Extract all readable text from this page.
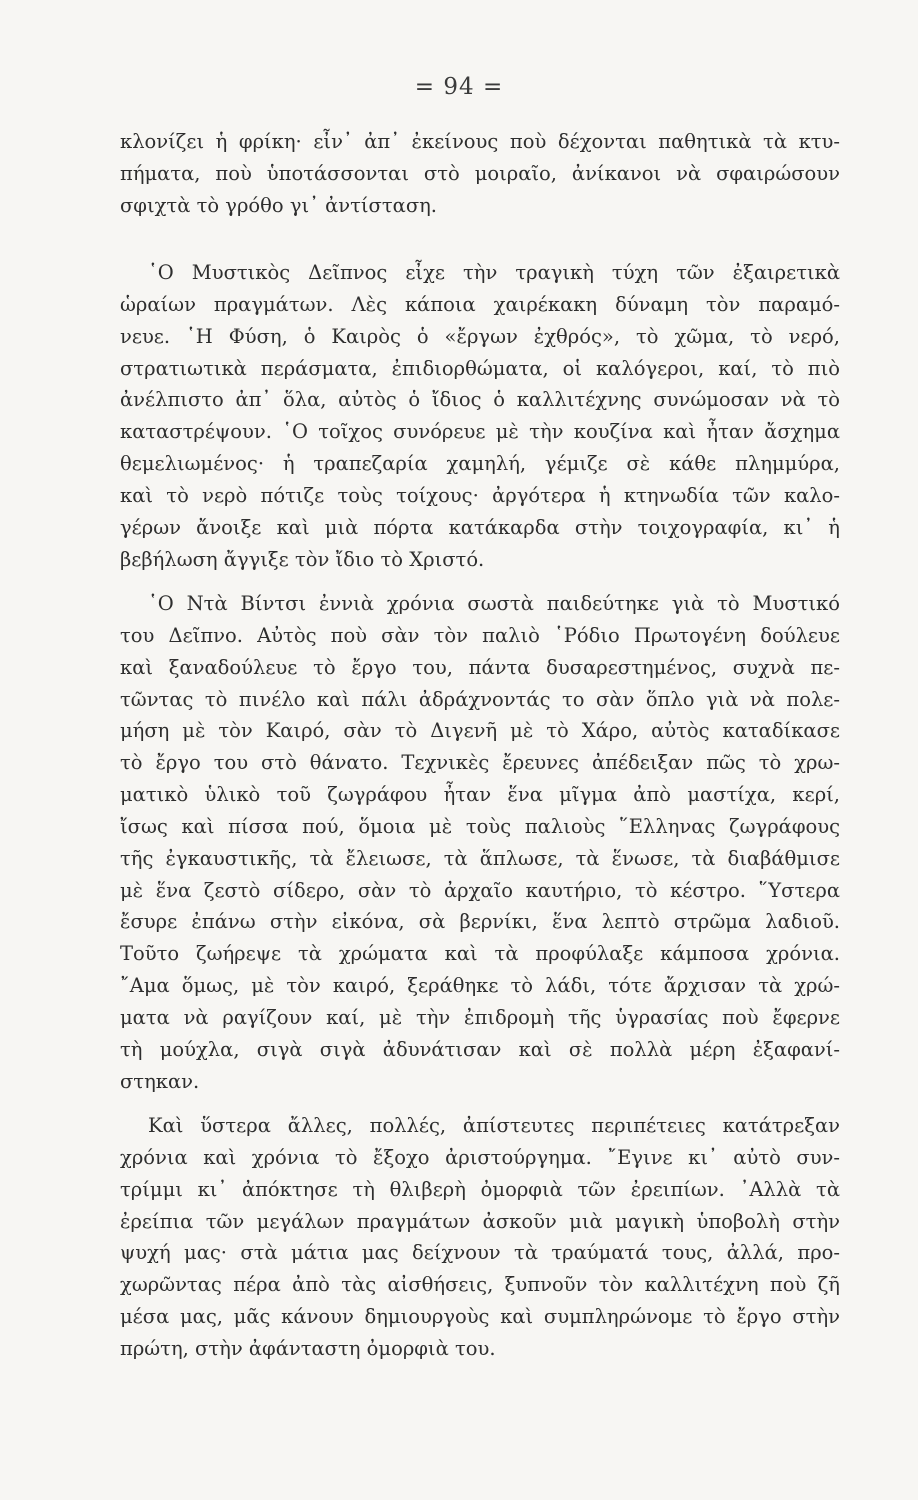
= 94 =
κλονίζει ἡ φρίκη· εἶν᾽ ἀπ᾽ ἐκείνους ποὺ δέχονται παθητικὰ τὰ κτυ-
πήματα, ποὺ ὑποτάσσονται στὸ μοιραῖο, ἀνίκανοι νὰ σφαιρώσουν
σφιχτὰ τὸ γρόθο γι᾽ ἀντίσταση.
῾Ο Μυστικὸς Δεῖπνος εἶχε τὴν τραγικὴ τύχη τῶν ἐξαιρετικὰ
ὡραίων πραγμάτων. Λὲς κάποια χαιρέκακη δύναμη τὸν παραμό-
νευε. ῾Η Φύση, ὁ Καιρὸς ὁ «ἔργων ἐχθρός», τὸ χῶμα, τὸ νερό,
στρατιωτικὰ περάσματα, ἐπιδιορθώματα, οἱ καλόγεροι, καί, τὸ πιὸ
ἀνέλπιστο ἀπ᾽ ὅλα, αὐτὸς ὁ ἴδιος ὁ καλλιτέχνης συνώμοσαν νὰ τὸ
καταστρέψουν. ῾Ο τοῖχος συνόρευε μὲ τὴν κουζίνα καὶ ἦταν ἄσχημα
θεμελιωμένος· ἡ τραπεζαρία χαμηλή, γέμιζε σὲ κάθε πλημμύρα,
καὶ τὸ νερὸ πότιζε τοὺς τοίχους· ἀργότερα ἡ κτηνωδία τῶν καλο-
γέρων ἄνοιξε καὶ μιὰ πόρτα κατάκαρδα στὴν τοιχογραφία, κι᾽ ἡ
βεβήλωση ἄγγιξε τὸν ἴδιο τὸ Χριστό.
῾Ο Ντὰ Βίντσι ἐννιὰ χρόνια σωστὰ παιδεύτηκε γιὰ τὸ Μυστικό
του Δεῖπνο. Αὐτὸς ποὺ σὰν τὸν παλιὸ ῾Ρόδιο Πρωτογένη δούλευε
καὶ ξαναδούλευε τὸ ἔργο του, πάντα δυσαρεστημένος, συχνὰ πε-
τῶντας τὸ πινέλο καὶ πάλι ἀδράχνοντάς το σὰν ὅπλο γιὰ νὰ πολε-
μήση μὲ τὸν Καιρό, σὰν τὸ Διγενῆ μὲ τὸ Χάρο, αὐτὸς καταδίκασε
τὸ ἔργο του στὸ θάνατο. Τεχνικὲς ἔρευνες ἀπέδειξαν πῶς τὸ χρω-
ματικὸ ὑλικὸ τοῦ ζωγράφου ἦταν ἕνα μῖγμα ἀπὸ μαστίχα, κερί,
ἴσως καὶ πίσσα πού, ὅμοια μὲ τοὺς παλιοὺς ῞Ελληνας ζωγράφους
τῆς ἐγκαυστικῆς, τὰ ἔλειωσε, τὰ ἅπλωσε, τὰ ἕνωσε, τὰ διαβάθμισε
μὲ ἕνα ζεστὸ σίδερο, σὰν τὸ ἀρχαῖο καυτήριο, τὸ κέστρο. ῞Υστερα
ἔσυρε ἐπάνω στὴν εἰκόνα, σὰ βερνίκι, ἕνα λεπτὸ στρῶμα λαδιοῦ.
Τοῦτο ζωήρεψε τὰ χρώματα καὶ τὰ προφύλαξε κάμποσα χρόνια.
῎Αμα ὅμως, μὲ τὸν καιρό, ξεράθηκε τὸ λάδι, τότε ἄρχισαν τὰ χρώ-
ματα νὰ ραγίζουν καί, μὲ τὴν ἐπιδρομὴ τῆς ὑγρασίας ποὺ ἔφερνε
τὴ μούχλα, σιγὰ σιγὰ ἀδυνάτισαν καὶ σὲ πολλὰ μέρη ἐξαφανί-
στηκαν.
Καὶ ὕστερα ἄλλες, πολλές, ἀπίστευτες περιπέτειες κατάτρεξαν
χρόνια καὶ χρόνια τὸ ἔξοχο ἀριστούργημα. ῎Εγινε κι᾽ αὐτὸ συν-
τρίμμι κι᾽ ἀπόκτησε τὴ θλιβερὴ ὀμορφιὰ τῶν ἐρειπίων. ᾽Αλλὰ τὰ
ἐρείπια τῶν μεγάλων πραγμάτων ἀσκοῦν μιὰ μαγικὴ ὑποβολὴ στὴν
ψυχή μας· στὰ μάτια μας δείχνουν τὰ τραύματά τους, ἀλλά, προ-
χωρῶντας πέρα ἀπὸ τὰς αἰσθήσεις, ξυπνοῦν τὸν καλλιτέχνη ποὺ ζῆ
μέσα μας, μᾶς κάνουν δημιουργοὺς καὶ συμπληρώνομε τὸ ἔργο στὴν
πρώτη, στὴν ἀφάνταστη ὀμορφιὰ του.
